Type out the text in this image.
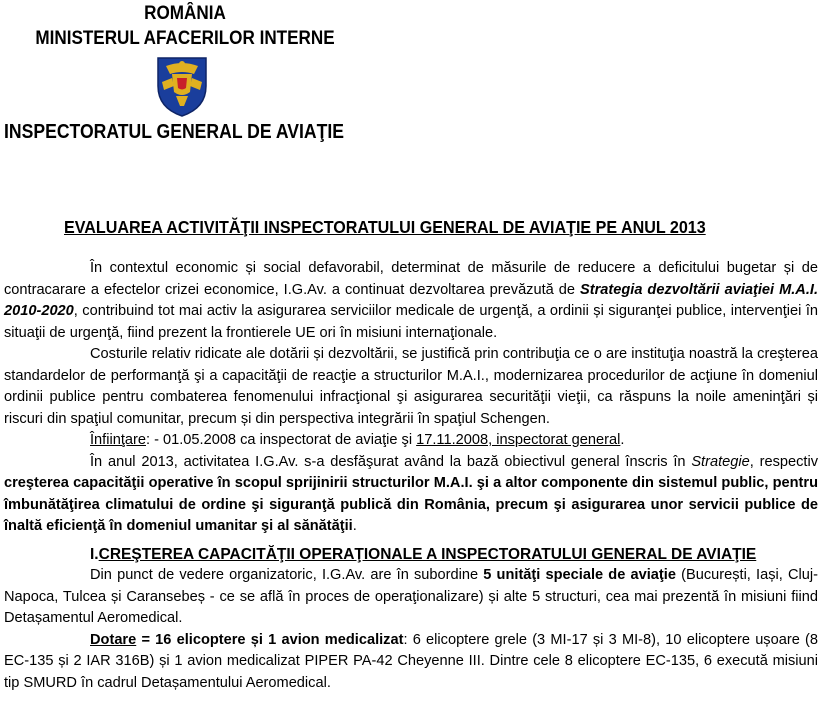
ROMÂNIA
MINISTERUL AFACERILOR INTERNE
INSPECTORATUL GENERAL DE AVIAŢIE
EVALUAREA ACTIVITĂŢII INSPECTORATULUI GENERAL DE AVIAŢIE PE ANUL 2013

În contextul economic și social defavorabil, determinat de măsurile de reducere a deficitului bugetar și de contracarare a efectelor crizei economice, I.G.Av. a continuat dezvoltarea prevăzută de Strategia dezvoltării aviaţiei M.A.I. 2010-2020, contribuind tot mai activ la asigurarea serviciilor medicale de urgenţă, a ordinii și siguranţei publice, intervenţiei în situaţii de urgenţă, fiind prezent la frontierele UE ori în misiuni internaţionale.

Costurile relativ ridicate ale dotării și dezvoltării, se justifică prin contribuţia ce o are instituţia noastră la creşterea standardelor de performanţă şi a capacităţii de reacţie a structurilor M.A.I., modernizarea procedurilor de acţiune în domeniul ordinii publice pentru combaterea fenomenului infracţional şi asigurarea securităţii vieţii, ca răspuns la noile ameninţări și riscuri din spaţiul comunitar, precum și din perspectiva integrării în spaţiul Schengen.

Înfiinţare: - 01.05.2008 ca inspectorat de aviaţie şi 17.11.2008, inspectorat general.

În anul 2013, activitatea I.G.Av. s-a desfăşurat având la bază obiectivul general înscris în Strategie, respectiv creşterea capacităţii operative în scopul sprijinirii structurilor M.A.I. şi a altor componente din sistemul public, pentru îmbunătăţirea climatului de ordine şi siguranţă publică din România, precum şi asigurarea unor servicii publice de înaltă eficienţă în domeniul umanitar şi al sănătăţii.

I.CREŞTEREA CAPACITĂŢII OPERAŢIONALE A INSPECTORATULUI GENERAL DE AVIAŢIE

Din punct de vedere organizatoric, I.G.Av. are în subordine 5 unităţi speciale de aviaţie (București, Iași, Cluj-Napoca, Tulcea și Caransebeș - ce se află în proces de operaţionalizare) și alte 5 structuri, cea mai prezentă în misiuni fiind Detașamentul Aeromedical.

Dotare = 16 elicoptere și 1 avion medicalizat: 6 elicoptere grele (3 MI-17 și 3 MI-8), 10 elicoptere ușoare (8 EC-135 și 2 IAR 316B) și 1 avion medicalizat PIPER PA-42 Cheyenne III. Dintre cele 8 elicoptere EC-135, 6 execută misiuni tip SMURD în cadrul Detașamentului Aeromedical.
